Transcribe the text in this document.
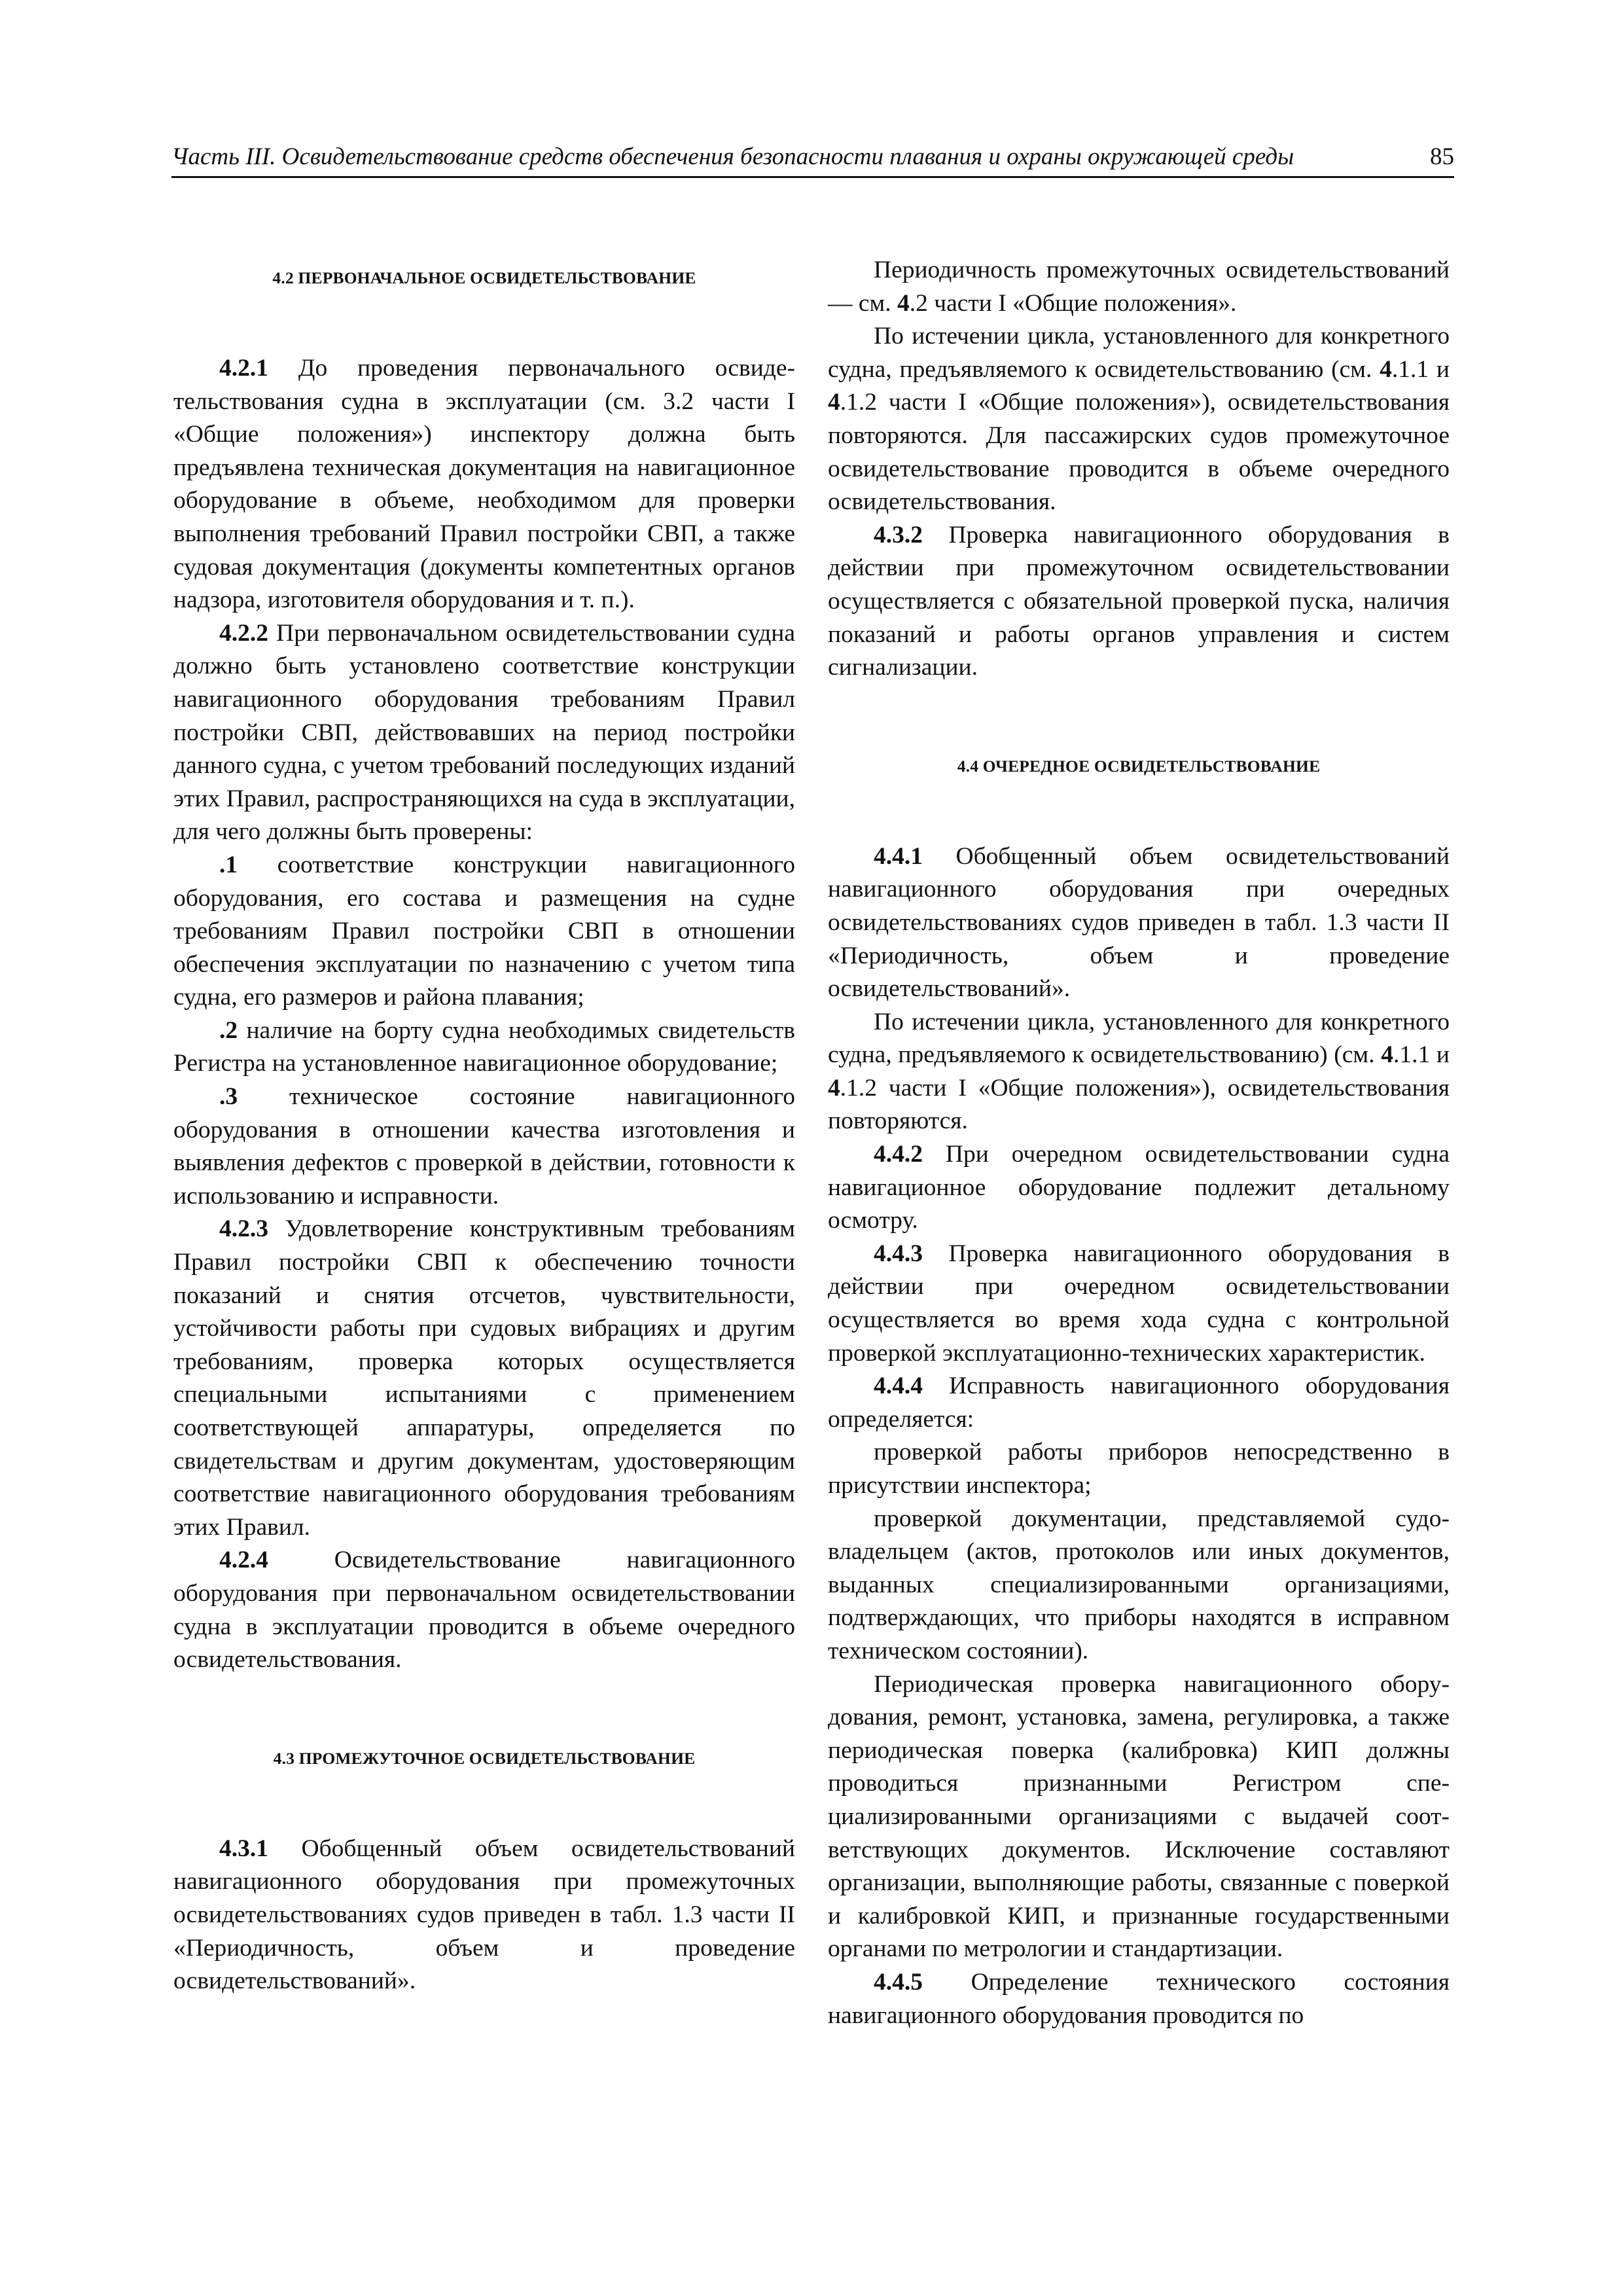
Часть III. Освидетельствование средств обеспечения безопасности плавания и охраны окружающей среды	85
4.2 ПЕРВОНАЧАЛЬНОЕ ОСВИДЕТЕЛЬСТВОВАНИЕ

4.2.1 До проведения первоначального освидетельствования судна в эксплуатации (см. 3.2 части I «Общие положения») инспектору должна быть предъявлена техническая документация на навигационное оборудование в объеме, необходимом для проверки выполнения требований Правил постройки СВП, а также судовая документация (документы компетентных органов надзора, изготовителя оборудования и т. п.).

4.2.2 При первоначальном освидетельствовании судна должно быть установлено соответствие конструкции навигационного оборудования требованиям Правил постройки СВП, действовавших на период постройки данного судна, с учетом требований последующих изданий этих Правил, распространяющихся на суда в эксплуатации, для чего должны быть проверены:

.1 соответствие конструкции навигационного оборудования, его состава и размещения на судне требованиям Правил постройки СВП в отношении обеспечения эксплуатации по назначению с учетом типа судна, его размеров и района плавания;

.2 наличие на борту судна необходимых свидетельств Регистра на установленное навигационное оборудование;

.3 техническое состояние навигационного оборудования в отношении качества изготовления и выявления дефектов с проверкой в действии, готовности к использованию и исправности.

4.2.3 Удовлетворение конструктивным требованиям Правил постройки СВП к обеспечению точности показаний и снятия отсчетов, чувствительности, устойчивости работы при судовых вибрациях и другим требованиям, проверка которых осуществляется специальными испытаниями с применением соответствующей аппаратуры, определяется по свидетельствам и другим документам, удостоверяющим соответствие навигационного оборудования требованиям этих Правил.

4.2.4 Освидетельствование навигационного оборудования при первоначальном освидетельствовании судна в эксплуатации проводится в объеме очередного освидетельствования.

4.3 ПРОМЕЖУТОЧНОЕ ОСВИДЕТЕЛЬСТВОВАНИЕ

4.3.1 Обобщенный объем освидетельствований навигационного оборудования при промежуточных освидетельствованиях судов приведен в табл. 1.3 части II «Периодичность, объем и проведение освидетельствований».

Периодичность промежуточных освидетельствований — см. 4.2 части I «Общие положения».

По истечении цикла, установленного для конкретного судна, предъявляемого к освидетельствованию (см. 4.1.1 и 4.1.2 части I «Общие положения»), освидетельствования повторяются. Для пассажирских судов промежуточное освидетельствование проводится в объеме очередного освидетельствования.

4.3.2 Проверка навигационного оборудования в действии при промежуточном освидетельствовании осуществляется с обязательной проверкой пуска, наличия показаний и работы органов управления и систем сигнализации.

4.4 ОЧЕРЕДНОЕ ОСВИДЕТЕЛЬСТВОВАНИЕ

4.4.1 Обобщенный объем освидетельствований навигационного оборудования при очередных освидетельствованиях судов приведен в табл. 1.3 части II «Периодичность, объем и проведение освидетельствований».

По истечении цикла, установленного для конкретного судна, предъявляемого к освидетельствованию) (см. 4.1.1 и 4.1.2 части I «Общие положения»), освидетельствования повторяются.

4.4.2 При очередном освидетельствовании судна навигационное оборудование подлежит детальному осмотру.

4.4.3 Проверка навигационного оборудования в действии при очередном освидетельствовании осуществляется во время хода судна с контрольной проверкой эксплуатационно-технических характеристик.

4.4.4 Исправность навигационного оборудования определяется:

проверкой работы приборов непосредственно в присутствии инспектора;

проверкой документации, представляемой судовладельцем (актов, протоколов или иных документов, выданных специализированными организациями, подтверждающих, что приборы находятся в исправном техническом состоянии).

Периодическая проверка навигационного оборудования, ремонт, установка, замена, регулировка, а также периодическая поверка (калибровка) КИП должны проводиться признанными Регистром специализированными организациями с выдачей соответствующих документов. Исключение составляют организации, выполняющие работы, связанные с поверкой и калибровкой КИП, и признанные государственными органами по метрологии и стандартизации.

4.4.5 Определение технического состояния навигационного оборудования проводится по
